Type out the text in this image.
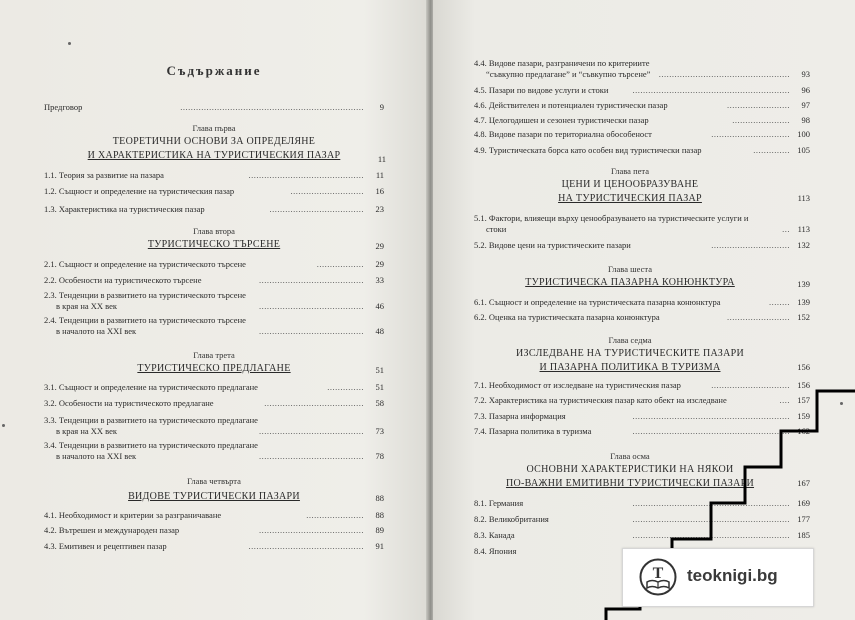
Съдържание
Предговор	9
......................................................................
Глава първа
ТЕОРЕТИЧНИ ОСНОВИ ЗА ОПРЕДЕЛЯНЕ
И ХАРАКТЕРИСТИКА НА ТУРИСТИЧЕСКИЯ ПАЗАР	11
1.1. Теория за развитие на пазара	11
............................................
1.2. Същност и определение на туристическия пазар	16
............................
1.3. Характеристика на туристическия пазар	23
....................................
Глава втора
ТУРИСТИЧЕСКО ТЪРСЕНЕ	29
2.1. Същност и определение на туристическото търсене	29
..................
2.2. Особености на туристическото търсене	33
........................................
2.3. Тенденции в развитието на туристическото търсене
в края на XX век	46
........................................
2.4. Тенденции в развитието на туристическото търсене
в началото на XXI век	48
........................................
Глава трета
ТУРИСТИЧЕСКО ПРЕДЛАГАНЕ	51
3.1. Същност и определение на туристическото предлагане	51
..............
3.2. Особености на туристическото предлагане	58
......................................
3.3. Тенденции в развитието на туристическото предлагане
в края на XX век	73
........................................
3.4. Тенденции в развитието на туристическото предлагане
в началото на XXI век	78
........................................
Глава четвърта
ВИДОВЕ ТУРИСТИЧЕСКИ ПАЗАРИ	88
4.1. Необходимост и критерии за разграничаване	88
......................
4.2. Вътрешен и международен пазар	89
........................................
4.3. Емитивен и рецептивен пазар	91
............................................
4.4. Видове пазари, разграничени по критериите
“съвкупно предлагане” и “съвкупно търсене”	93
..................................................
4.5. Пазари по видове услуги и стоки	96
............................................................
4.6. Действителен и потенциален туристически пазар	97
........................
4.7. Целогодишен и сезонен туристически пазар	98
......................
4.8. Видове пазари по териториална обособеност	100
..............................
4.9. Туристическата борса като особен вид туристически пазар	105
..............
Глава пета
ЦЕНИ И ЦЕНООБРАЗУВАНЕ
НА ТУРИСТИЧЕСКИЯ ПАЗАР	113
5.1. Фактори, влияещи върху ценообразуването на туристическите услуги и
стоки	113
...
5.2. Видове цени на туристическите пазари	132
..............................
Глава шеста
ТУРИСТИЧЕСКА ПАЗАРНА КОНЮНКТУРА	139
6.1. Същност и определение на туристическата пазарна конюнктура	139
........
6.2. Оценка на туристическата пазарна конюнктура	152
........................
Глава седма
ИЗСЛЕДВАНЕ НА ТУРИСТИЧЕСКИТЕ ПАЗАРИ
И ПАЗАРНА ПОЛИТИКА В ТУРИЗМА	156
7.1. Необходимост от изследване на туристическия пазар	156
..............................
7.2. Характеристика на туристическия пазар като обект на изследване	157
....
7.3. Пазарна информация	159
............................................................
7.4. Пазарна политика в туризма	162
............................................................
Глава осма
ОСНОВНИ ХАРАКТЕРИСТИКИ НА НЯКОИ
ПО-ВАЖНИ ЕМИТИВНИ ТУРИСТИЧЕСКИ ПАЗАРИ	167
8.1. Германия	169
............................................................
8.2. Великобритания	177
............................................................
8.3. Канада	185
............................................................
8.4. Япония
T teoknigi.bg
